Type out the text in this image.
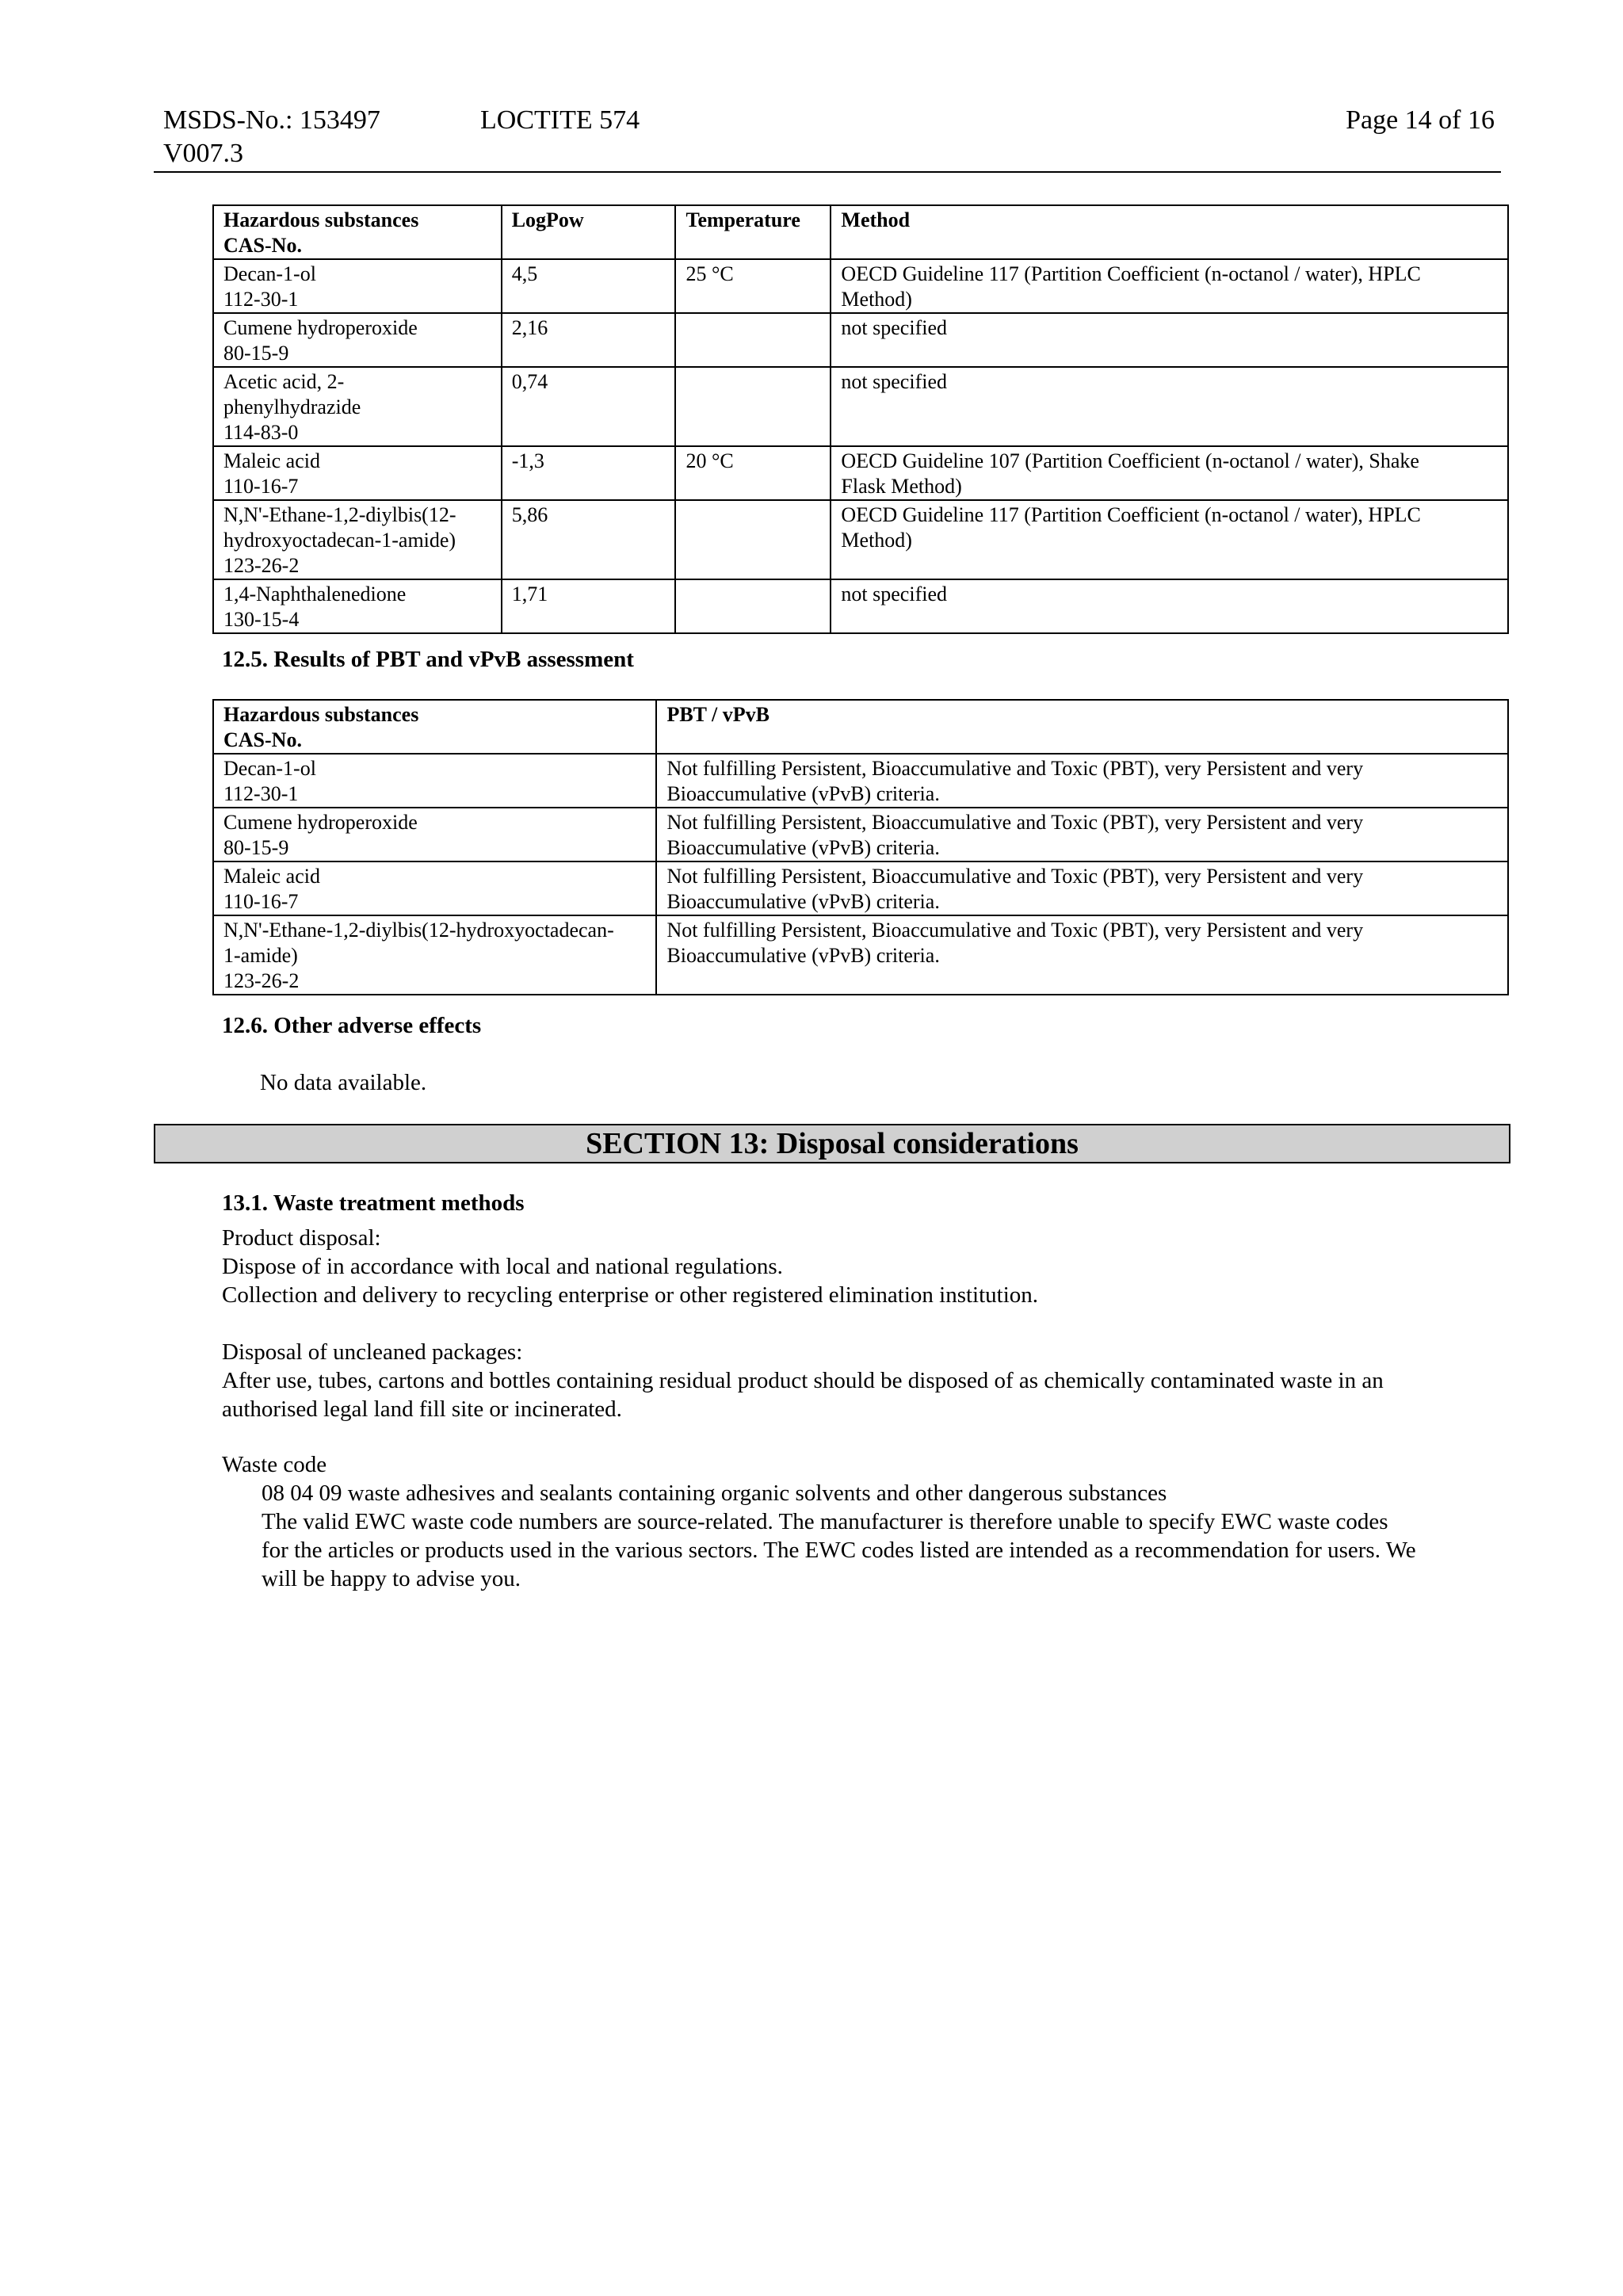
MSDS-No.: 153497	LOCTITE 574	Page 14 of 16
V007.3
Hazardous substances
CAS-No.	LogPow	Temperature	Method

Decan-1-ol
112-30-1	4,5	25 °C	OECD Guideline 117 (Partition Coefficient (n-octanol / water), HPLC
Method)

Cumene hydroperoxide
80-15-9	2,16		not specified

Acetic acid, 2-
phenylhydrazide
114-83-0	0,74		not specified

Maleic acid
110-16-7	-1,3	20 °C	OECD Guideline 107 (Partition Coefficient (n-octanol / water), Shake
Flask Method)

N,N'-Ethane-1,2-diylbis(12-
hydroxyoctadecan-1-amide)
123-26-2	5,86		OECD Guideline 117 (Partition Coefficient (n-octanol / water), HPLC
Method)

1,4-Naphthalenedione
130-15-4	1,71		not specified
12.5. Results of PBT and vPvB assessment
Hazardous substances
CAS-No.	PBT / vPvB

Decan-1-ol
112-30-1	Not fulfilling Persistent, Bioaccumulative and Toxic (PBT), very Persistent and very
Bioaccumulative (vPvB) criteria.

Cumene hydroperoxide
80-15-9	Not fulfilling Persistent, Bioaccumulative and Toxic (PBT), very Persistent and very
Bioaccumulative (vPvB) criteria.

Maleic acid
110-16-7	Not fulfilling Persistent, Bioaccumulative and Toxic (PBT), very Persistent and very
Bioaccumulative (vPvB) criteria.

N,N'-Ethane-1,2-diylbis(12-hydroxyoctadecan-
1-amide)
123-26-2	Not fulfilling Persistent, Bioaccumulative and Toxic (PBT), very Persistent and very
Bioaccumulative (vPvB) criteria.
12.6. Other adverse effects
No data available.
SECTION 13: Disposal considerations
13.1. Waste treatment methods
Product disposal:
Dispose of in accordance with local and national regulations.
Collection and delivery to recycling enterprise or other registered elimination institution.
Disposal of uncleaned packages:
After use, tubes, cartons and bottles containing residual product should be disposed of as chemically contaminated waste in an
authorised legal land fill site or incinerated.
Waste code
08 04 09 waste adhesives and sealants containing organic solvents and other dangerous substances
The valid EWC waste code numbers are source-related. The manufacturer is therefore unable to specify EWC waste codes
for the articles or products used in the various sectors. The EWC codes listed are intended as a recommendation for users. We
will be happy to advise you.
